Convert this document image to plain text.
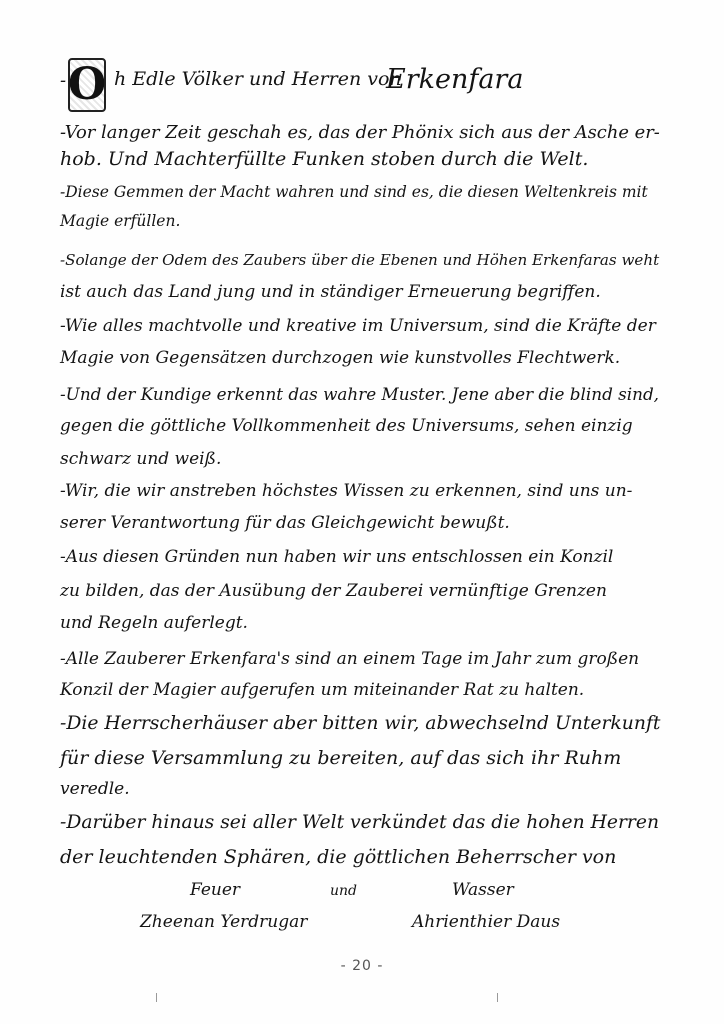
- O h Edle Völker und Herren von
Erkenfara
-Vor langer Zeit geschah es, das der Phönix sich aus der Asche er-
hob. Und Machterfüllte Funken stoben durch die Welt.
-Diese Gemmen der Macht wahren und sind es, die diesen Weltenkreis mit
Magie erfüllen.
-Solange der Odem des Zaubers über die Ebenen und Höhen Erkenfaras weht
ist auch das Land jung und in ständiger Erneuerung begriffen.
-Wie alles machtvolle und kreative im Universum, sind die Kräfte der
Magie von Gegensätzen durchzogen wie kunstvolles Flechtwerk.
-Und der Kundige erkennt das wahre Muster. Jene aber die blind sind,
gegen die göttliche Vollkommenheit des Universums, sehen einzig
schwarz und weiß.
-Wir, die wir anstreben höchstes Wissen zu erkennen, sind uns un-
serer Verantwortung für das Gleichgewicht bewußt.
-Aus diesen Gründen nun haben wir uns entschlossen ein Konzil
zu bilden, das der Ausübung der Zauberei vernünftige Grenzen
und Regeln auferlegt.
-Alle Zauberer Erkenfara's sind an einem Tage im Jahr zum großen
Konzil der Magier aufgerufen um miteinander Rat zu halten.
-Die Herrscherhäuser aber bitten wir, abwechselnd Unterkunft
für diese Versammlung zu bereiten, auf das sich ihr Ruhm
veredle.
-Darüber hinaus sei aller Welt verkündet das die hohen Herren
der leuchtenden Sphären, die göttlichen Beherrscher von
Feuer	und	Wasser
Zheenan Yerdrugar	Ahrienthier Daus
- 20 -
